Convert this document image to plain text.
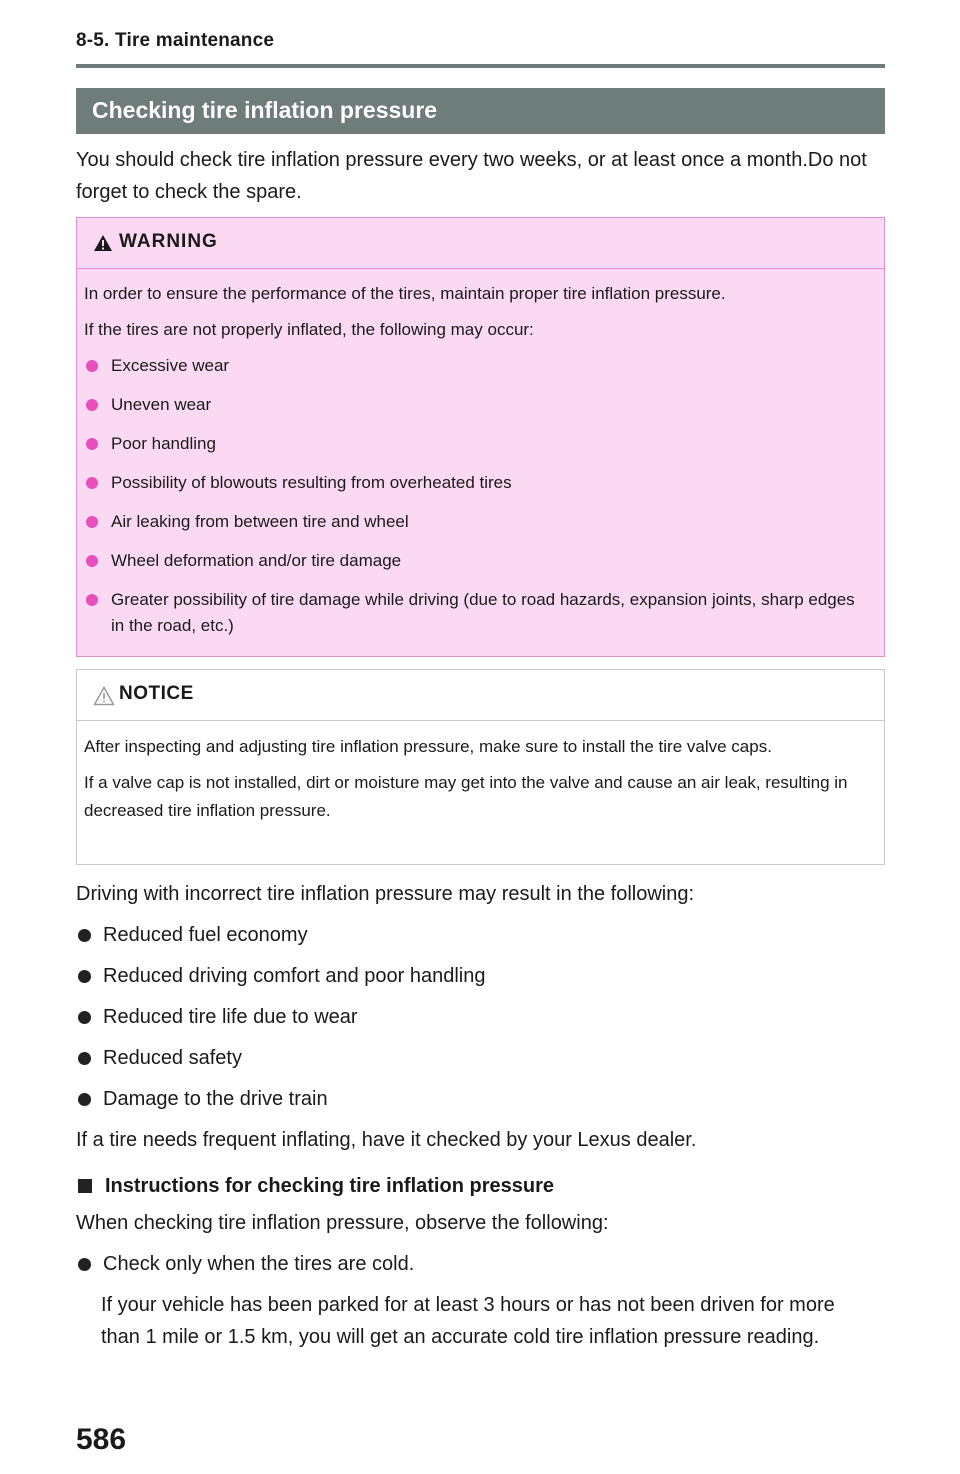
8-5. Tire maintenance
Checking tire inflation pressure
You should check tire inflation pressure every two weeks, or at least once a month.Do not forget to check the spare.
WARNING

In order to ensure the performance of the tires, maintain proper tire inflation pressure.

If the tires are not properly inflated, the following may occur:

Excessive wear
Uneven wear
Poor handling
Possibility of blowouts resulting from overheated tires
Air leaking from between tire and wheel
Wheel deformation and/or tire damage
Greater possibility of tire damage while driving (due to road hazards, expansion joints, sharp edges in the road, etc.)
NOTICE

After inspecting and adjusting tire inflation pressure, make sure to install the tire valve caps.

If a valve cap is not installed, dirt or moisture may get into the valve and cause an air leak, resulting in decreased tire inflation pressure.

Driving with incorrect tire inflation pressure may result in the following:

Reduced fuel economy
Reduced driving comfort and poor handling
Reduced tire life due to wear
Reduced safety
Damage to the drive train

If a tire needs frequent inflating, have it checked by your Lexus dealer.

Instructions for checking tire inflation pressure

When checking tire inflation pressure, observe the following:

Check only when the tires are cold.

If your vehicle has been parked for at least 3 hours or has not been driven for more than 1 mile or 1.5 km, you will get an accurate cold tire inflation pressure reading.

586
